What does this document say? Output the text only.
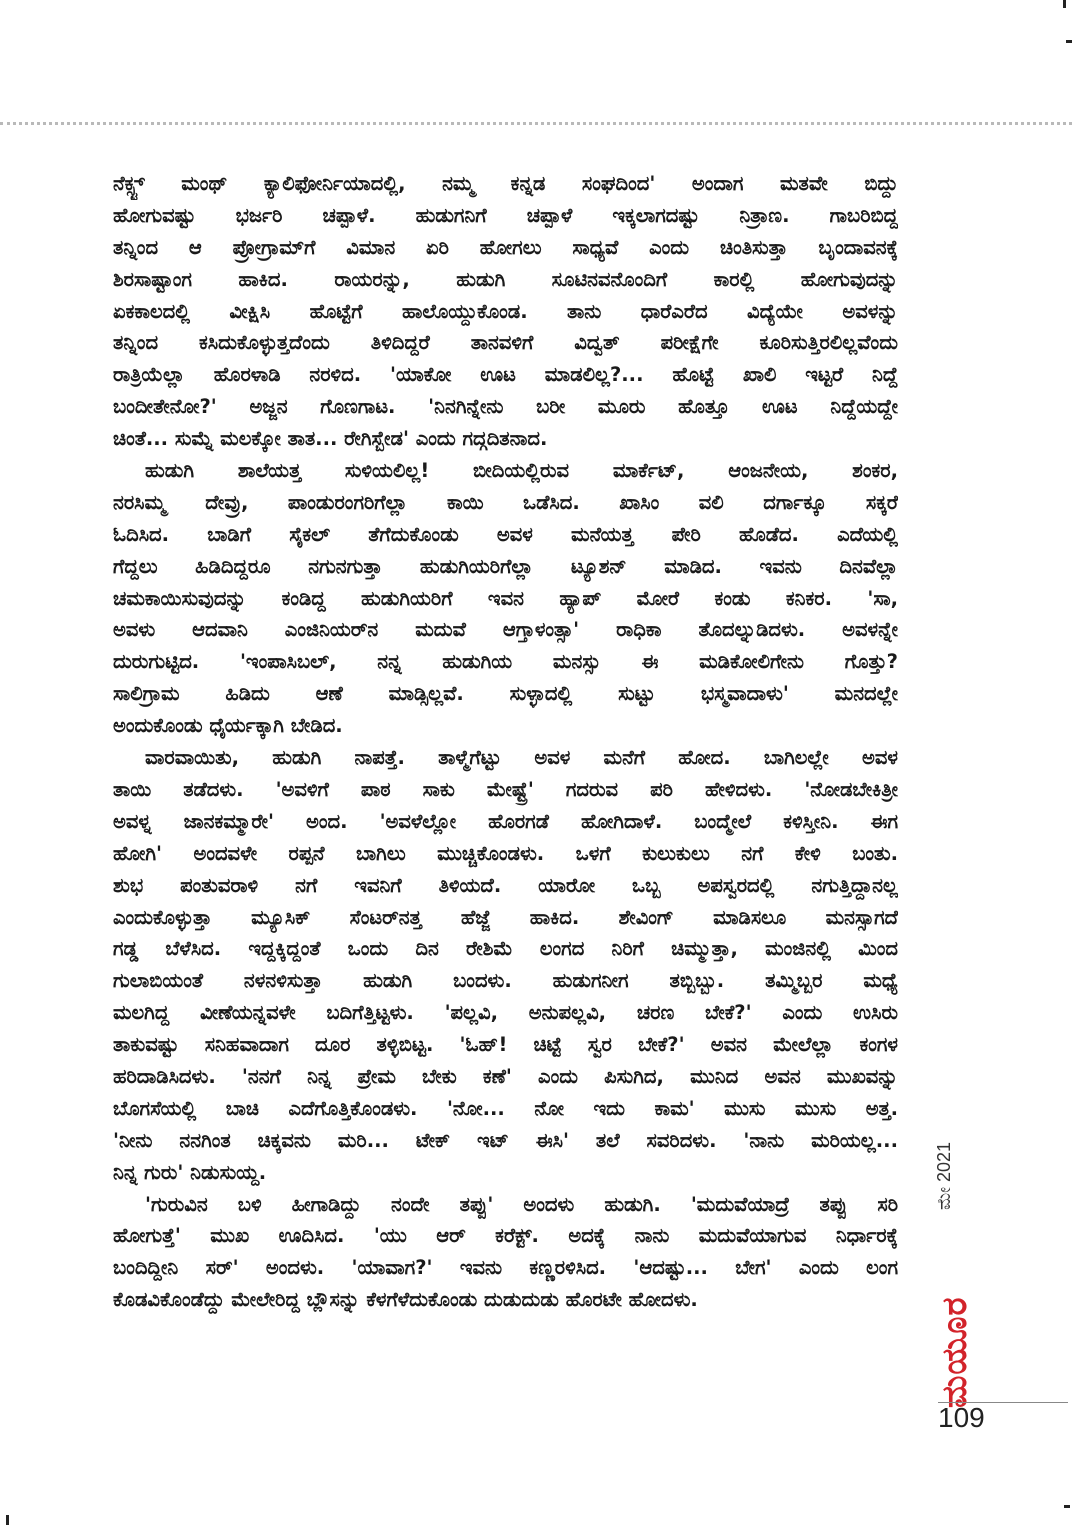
ನೆಕ್ಸ್ಟ್ ಮಂಥ್ ಕ್ಯಾಲಿಫೋರ್ನಿಯಾದಲ್ಲಿ, ನಮ್ಮ ಕನ್ನಡ ಸಂಘದಿಂದ' ಅಂದಾಗ ಮತವೇ ಬಿದ್ದು
ಹೋಗುವಷ್ಟು ಭರ್ಜರಿ ಚಪ್ಪಾಳೆ. ಹುಡುಗನಿಗೆ ಚಪ್ಪಾಳೆ ಇಕ್ಕಲಾಗದಷ್ಟು ನಿತ್ರಾಣ. ಗಾಬರಿಬಿದ್ದ
ತನ್ನಿಂದ ಆ ಪ್ರೋಗ್ರಾಮ್‌ಗೆ ವಿಮಾನ ಏರಿ ಹೋಗಲು ಸಾಧ್ಯವೆ ಎಂದು ಚಿಂತಿಸುತ್ತಾ ಬೃಂದಾವನಕ್ಕೆ
ಶಿರಸಾಷ್ಟಾಂಗ ಹಾಕಿದ. ರಾಯರನ್ನು, ಹುಡುಗಿ ಸೂಟಿನವನೊಂದಿಗೆ ಕಾರಲ್ಲಿ ಹೋಗುವುದನ್ನು
ಏಕಕಾಲದಲ್ಲಿ ವೀಕ್ಷಿಸಿ ಹೊಟ್ಟೆಗೆ ಹಾಲೊಯ್ದುಕೊಂಡ. ತಾನು ಧಾರೆಎರೆದ ವಿದ್ಯೆಯೇ ಅವಳನ್ನು
ತನ್ನಿಂದ ಕಸಿದುಕೊಳ್ಳುತ್ತದೆಂದು ತಿಳಿದಿದ್ದರೆ ತಾನವಳಿಗೆ ವಿದ್ವತ್ ಪರೀಕ್ಷೆಗೇ ಕೂರಿಸುತ್ತಿರಲಿಲ್ಲವೆಂದು
ರಾತ್ರಿಯೆಲ್ಲಾ ಹೊರಳಾಡಿ ನರಳಿದ. 'ಯಾಕೋ ಊಟ ಮಾಡಲಿಲ್ಲ?... ಹೊಟ್ಟೆ ಖಾಲಿ ಇಟ್ಟರೆ ನಿದ್ದೆ
ಬಂದೀತೇನೋ?' ಅಜ್ಜನ ಗೊಣಗಾಟ. 'ನಿನಗಿನ್ನೇನು ಬರೀ ಮೂರು ಹೊತ್ತೂ ಊಟ ನಿದ್ದೆಯದ್ದೇ
ಚಿಂತೆ... ಸುಮ್ನೆ ಮಲಕ್ಕೋ ತಾತ... ರೇಗಿಸ್ಬೇಡ' ಎಂದು ಗದ್ಗದಿತನಾದ.
ಹುಡುಗಿ ಶಾಲೆಯತ್ತ ಸುಳಿಯಲಿಲ್ಲ! ಬೀದಿಯಲ್ಲಿರುವ ಮಾರ್ಕೆಟ್, ಆಂಜನೇಯ, ಶಂಕರ,
ನರಸಿಮ್ಮ ದೇವ್ರು, ಪಾಂಡುರಂಗರಿಗೆಲ್ಲಾ ಕಾಯಿ ಒಡೆಸಿದ. ಖಾಸಿಂ ವಲಿ ದರ್ಗಾಕ್ಕೂ ಸಕ್ಕರೆ
ಓದಿಸಿದ. ಬಾಡಿಗೆ ಸೈಕಲ್ ತೆಗೆದುಕೊಂಡು ಅವಳ ಮನೆಯತ್ತ ಪೇರಿ ಹೊಡೆದ. ಎದೆಯಲ್ಲಿ
ಗೆದ್ದಲು ಹಿಡಿದಿದ್ದರೂ ನಗುನಗುತ್ತಾ ಹುಡುಗಿಯರಿಗೆಲ್ಲಾ ಟ್ಯೂಶನ್ ಮಾಡಿದ. ಇವನು ದಿನವೆಲ್ಲಾ
ಚಮಕಾಯಿಸುವುದನ್ನು ಕಂಡಿದ್ದ ಹುಡುಗಿಯರಿಗೆ ಇವನ ಹ್ಯಾಪ್ ಮೋರೆ ಕಂಡು ಕನಿಕರ. 'ಸಾ,
ಅವಳು ಆದವಾನಿ ಎಂಜಿನಿಯರ್‌ನ ಮದುವೆ ಆಗ್ತಾಳಂತ್ಸಾ' ರಾಧಿಕಾ ತೊದಲ್ನುಡಿದಳು. ಅವಳನ್ನೇ
ದುರುಗುಟ್ಟಿದ. 'ಇಂಪಾಸಿಬಲ್, ನನ್ನ ಹುಡುಗಿಯ ಮನಸ್ಸು ಈ ಮಡಿಕೋಲಿಗೇನು ಗೊತ್ತು?
ಸಾಲಿಗ್ರಾಮ ಹಿಡಿದು ಆಣೆ ಮಾಡ್ಸಿಲ್ಲವೆ. ಸುಳ್ಳಾದಲ್ಲಿ ಸುಟ್ಟು ಭಸ್ಮವಾದಾಳು' ಮನದಲ್ಲೇ
ಅಂದುಕೊಂಡು ಧೈರ್ಯಕ್ಕಾಗಿ ಬೇಡಿದ.
ವಾರವಾಯಿತು, ಹುಡುಗಿ ನಾಪತ್ತೆ. ತಾಳ್ಮೆಗೆಟ್ಟು ಅವಳ ಮನೆಗೆ ಹೋದ. ಬಾಗಿಲಲ್ಲೇ ಅವಳ
ತಾಯಿ ತಡೆದಳು. 'ಅವಳಿಗೆ ಪಾಠ ಸಾಕು ಮೇಷ್ಟ್ರೆ' ಗದರುವ ಪರಿ ಹೇಳಿದಳು. 'ನೋಡಬೇಕಿತ್ರೀ
ಅವಳ್ನ ಜಾನಕಮ್ಮಾರೇ' ಅಂದ. 'ಅವಳೆಲ್ಲೋ ಹೊರಗಡೆ ಹೋಗಿದಾಳೆ. ಬಂದ್ಮೇಲೆ ಕಳಿಸ್ತೀನಿ. ಈಗ
ಹೋಗಿ' ಅಂದವಳೇ ರಪ್ಪನೆ ಬಾಗಿಲು ಮುಚ್ಚಿಕೊಂಡಳು. ಒಳಗೆ ಕುಲುಕುಲು ನಗೆ ಕೇಳಿ ಬಂತು.
ಶುಭ ಪಂತುವರಾಳಿ ನಗೆ ಇವನಿಗೆ ತಿಳಿಯದೆ. ಯಾರೋ ಒಬ್ಬ ಅಪಸ್ವರದಲ್ಲಿ ನಗುತ್ತಿದ್ದಾನಲ್ಲ
ಎಂದುಕೊಳ್ಳುತ್ತಾ ಮ್ಯೂಸಿಕ್ ಸೆಂಟರ್‌ನತ್ತ ಹೆಜ್ಜೆ ಹಾಕಿದ. ಶೇವಿಂಗ್ ಮಾಡಿಸಲೂ ಮನಸ್ಸಾಗದೆ
ಗಡ್ಡ ಬೆಳೆಸಿದ. ಇದ್ದಕ್ಕಿದ್ದಂತೆ ಒಂದು ದಿನ ರೇಶಿಮೆ ಲಂಗದ ನಿರಿಗೆ ಚಿಮ್ಮುತ್ತಾ, ಮಂಜಿನಲ್ಲಿ ಮಿಂದ
ಗುಲಾಬಿಯಂತೆ ನಳನಳಿಸುತ್ತಾ ಹುಡುಗಿ ಬಂದಳು. ಹುಡುಗನೀಗ ತಬ್ಬಿಬ್ಬು. ತಮ್ಮಿಬ್ಬರ ಮಧ್ಯೆ
ಮಲಗಿದ್ದ ವೀಣೆಯನ್ನವಳೇ ಬದಿಗೆತ್ತಿಟ್ಟಳು. 'ಪಲ್ಲವಿ, ಅನುಪಲ್ಲವಿ, ಚರಣ ಬೇಕೆ?' ಎಂದು ಉಸಿರು
ತಾಕುವಷ್ಟು ಸನಿಹವಾದಾಗ ದೂರ ತಳ್ಳಿಬಿಟ್ಟ. 'ಓಹ್! ಚಿಟ್ಟೆ ಸ್ವರ ಬೇಕೆ?' ಅವನ ಮೇಲೆಲ್ಲಾ ಕಂಗಳ
ಹರಿದಾಡಿಸಿದಳು. 'ನನಗೆ ನಿನ್ನ ಪ್ರೇಮ ಬೇಕು ಕಣೆ' ಎಂದು ಪಿಸುಗಿದ, ಮುನಿದ ಅವನ ಮುಖವನ್ನು
ಬೊಗಸೆಯಲ್ಲಿ ಬಾಚಿ ಎದೆಗೊತ್ತಿಕೊಂಡಳು. 'ನೋ... ನೋ ಇದು ಕಾಮ' ಮುಸು ಮುಸು ಅತ್ತ.
'ನೀನು ನನಗಿಂತ ಚಿಕ್ಕವನು ಮರಿ... ಟೇಕ್ ಇಟ್ ಈಸಿ' ತಲೆ ಸವರಿದಳು. 'ನಾನು ಮರಿಯಲ್ಲ...
ನಿನ್ನ ಗುರು' ನಿಡುಸುಯ್ದ.
'ಗುರುವಿನ ಬಳಿ ಹೀಗಾಡಿದ್ದು ನಂದೇ ತಪ್ಪು' ಅಂದಳು ಹುಡುಗಿ. 'ಮದುವೆಯಾದ್ರೆ ತಪ್ಪು ಸರಿ
ಹೋಗುತ್ತೆ' ಮುಖ ಊದಿಸಿದ. 'ಯು ಆರ್ ಕರೆಕ್ಟ್. ಅದಕ್ಕೆ ನಾನು ಮದುವೆಯಾಗುವ ನಿರ್ಧಾರಕ್ಕೆ
ಬಂದಿದ್ದೀನಿ ಸರ್' ಅಂದಳು. 'ಯಾವಾಗ?' ಇವನು ಕಣ್ಣರಳಿಸಿದ. 'ಆದಷ್ಟು... ಬೇಗ' ಎಂದು ಲಂಗ
ಕೊಡವಿಕೊಂಡೆದ್ದು ಮೇಲೇರಿದ್ದ ಬ್ಲೌಸನ್ನು ಕೆಳಗೆಳೆದುಕೊಂಡು ದುಡುದುಡು ಹೊರಟೇ ಹೋದಳು.
ಮೇ 2021
ಮಯೂರ
109
